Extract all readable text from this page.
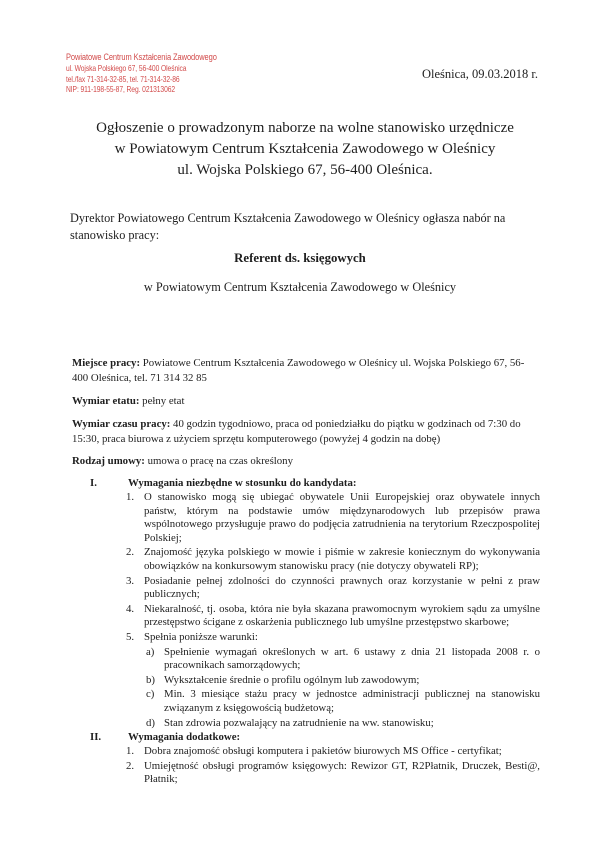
Powiatowe Centrum Kształcenia Zawodowego
ul. Wojska Polskiego 67, 56-400 Oleśnica
tel./fax 71-314-32-85, tel. 71-314-32-86
NIP: 911-198-55-87, Reg. 021313062
Oleśnica, 09.03.2018 r.
Ogłoszenie o prowadzonym naborze na wolne stanowisko urzędnicze
w Powiatowym Centrum Kształcenia Zawodowego w Oleśnicy
ul. Wojska Polskiego 67, 56-400 Oleśnica.
Dyrektor Powiatowego Centrum Kształcenia Zawodowego w Oleśnicy ogłasza nabór na stanowisko pracy:
Referent ds. księgowych
w Powiatowym Centrum Kształcenia Zawodowego w Oleśnicy
Miejsce pracy: Powiatowe Centrum Kształcenia Zawodowego w Oleśnicy ul. Wojska Polskiego 67, 56-400 Oleśnica, tel. 71 314 32 85
Wymiar etatu: pełny etat
Wymiar czasu pracy: 40 godzin tygodniowo, praca od poniedziałku do piątku w godzinach od 7:30 do 15:30, praca biurowa z użyciem sprzętu komputerowego (powyżej 4 godzin na dobę)
Rodzaj umowy: umowa o pracę na czas określony
I.	Wymagania niezbędne w stosunku do kandydata:
1. O stanowisko mogą się ubiegać obywatele Unii Europejskiej oraz obywatele innych państw, którym na podstawie umów międzynarodowych lub przepisów prawa wspólnotowego przysługuje prawo do podjęcia zatrudnienia na terytorium Rzeczpospolitej Polskiej;
2. Znajomość języka polskiego w mowie i piśmie w zakresie koniecznym do wykonywania obowiązków na konkursowym stanowisku pracy (nie dotyczy obywateli RP);
3. Posiadanie pełnej zdolności do czynności prawnych oraz korzystanie w pełni z praw publicznych;
4. Niekaralność, tj. osoba, która nie była skazana prawomocnym wyrokiem sądu za umyślne przestępstwo ścigane z oskarżenia publicznego lub umyślne przestępstwo skarbowe;
5. Spełnia poniższe warunki:
a) Spełnienie wymagań określonych w art. 6 ustawy z dnia 21 listopada 2008 r. o pracownikach samorządowych;
b) Wykształcenie średnie o profilu ogólnym lub zawodowym;
c) Min. 3 miesiące stażu pracy w jednostce administracji publicznej na stanowisku związanym z księgowością budżetową;
d) Stan zdrowia pozwalający na zatrudnienie na ww. stanowisku;
II. Wymagania dodatkowe:
1. Dobra znajomość obsługi komputera i pakietów biurowych MS Office - certyfikat;
2. Umiejętność obsługi programów księgowych: Rewizor GT, R2Płatnik, Druczek, Besti@, Płatnik;
